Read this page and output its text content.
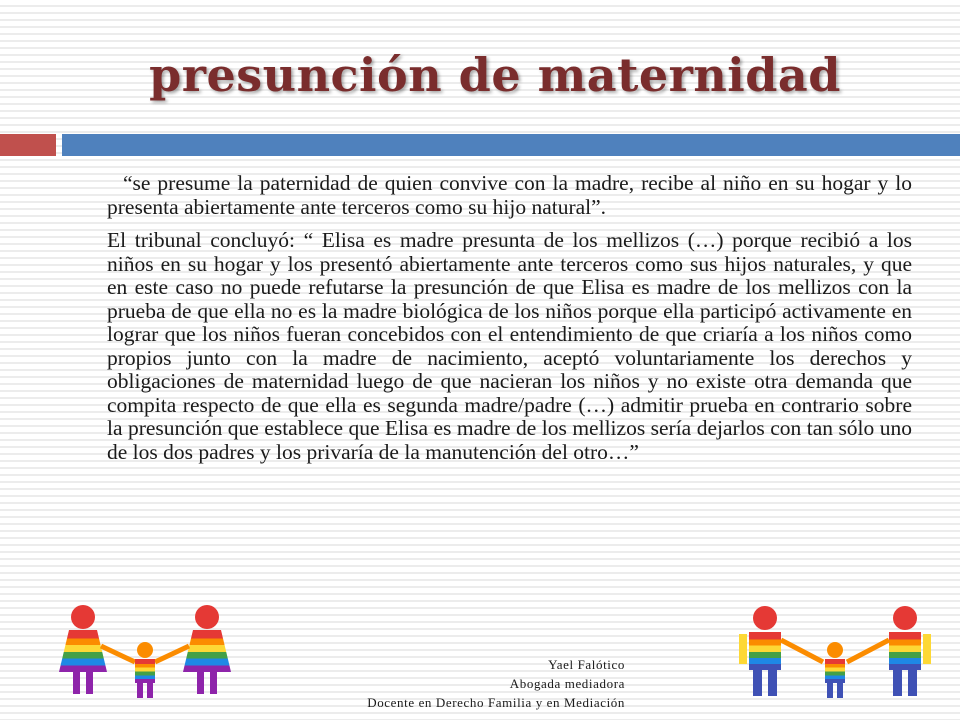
presunción de maternidad

“se presume la paternidad de quien convive con la madre, recibe al niño en su hogar y lo presenta abiertamente ante terceros como su hijo natural”.

El tribunal concluyó: “ Elisa es madre presunta de los mellizos (…) porque recibió a los niños en su hogar y los presentó abiertamente ante terceros como sus hijos naturales, y que en este caso no puede refutarse la presunción de que Elisa es madre de los mellizos con la prueba de que ella no es la madre biológica de los niños porque ella participó activamente en lograr que los niños fueran concebidos con el entendimiento de que criaría a los niños como propios junto con la madre de nacimiento, aceptó voluntariamente los derechos y obligaciones de maternidad luego de que nacieran los niños y no existe otra demanda que compita respecto de que ella es segunda madre/padre (…) admitir prueba en contrario sobre la presunción que establece que Elisa es madre de los mellizos sería dejarlos con tan sólo uno de los dos padres y los privaría de la manutención del otro…”

Yael Falótico
Abogada mediadora
Docente en Derecho Familia y en Mediación
